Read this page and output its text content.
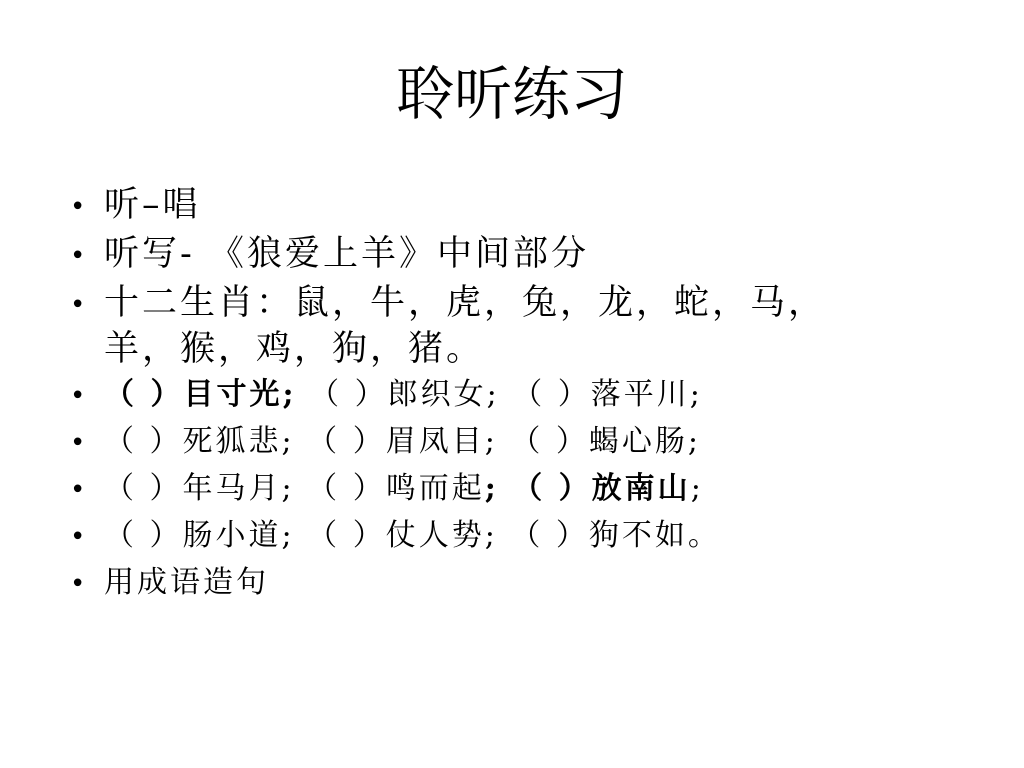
聆听练习
• 听–唱
• 听写- 《狼爱上羊》中间部分
• 十二生肖：鼠，牛，虎，兔，龙，蛇，马，
羊，猴，鸡，狗，猪。
• （ ）目寸光; （ ）郎织女; （ ）落平川;
• （ ）死狐悲; （ ）眉凤目; （ ）蝎心肠;
• （ ）年马月; （ ）鸣而起; （ ）放南山;
• （ ）肠小道; （ ）仗人势; （ ）狗不如。
• 用成语造句
